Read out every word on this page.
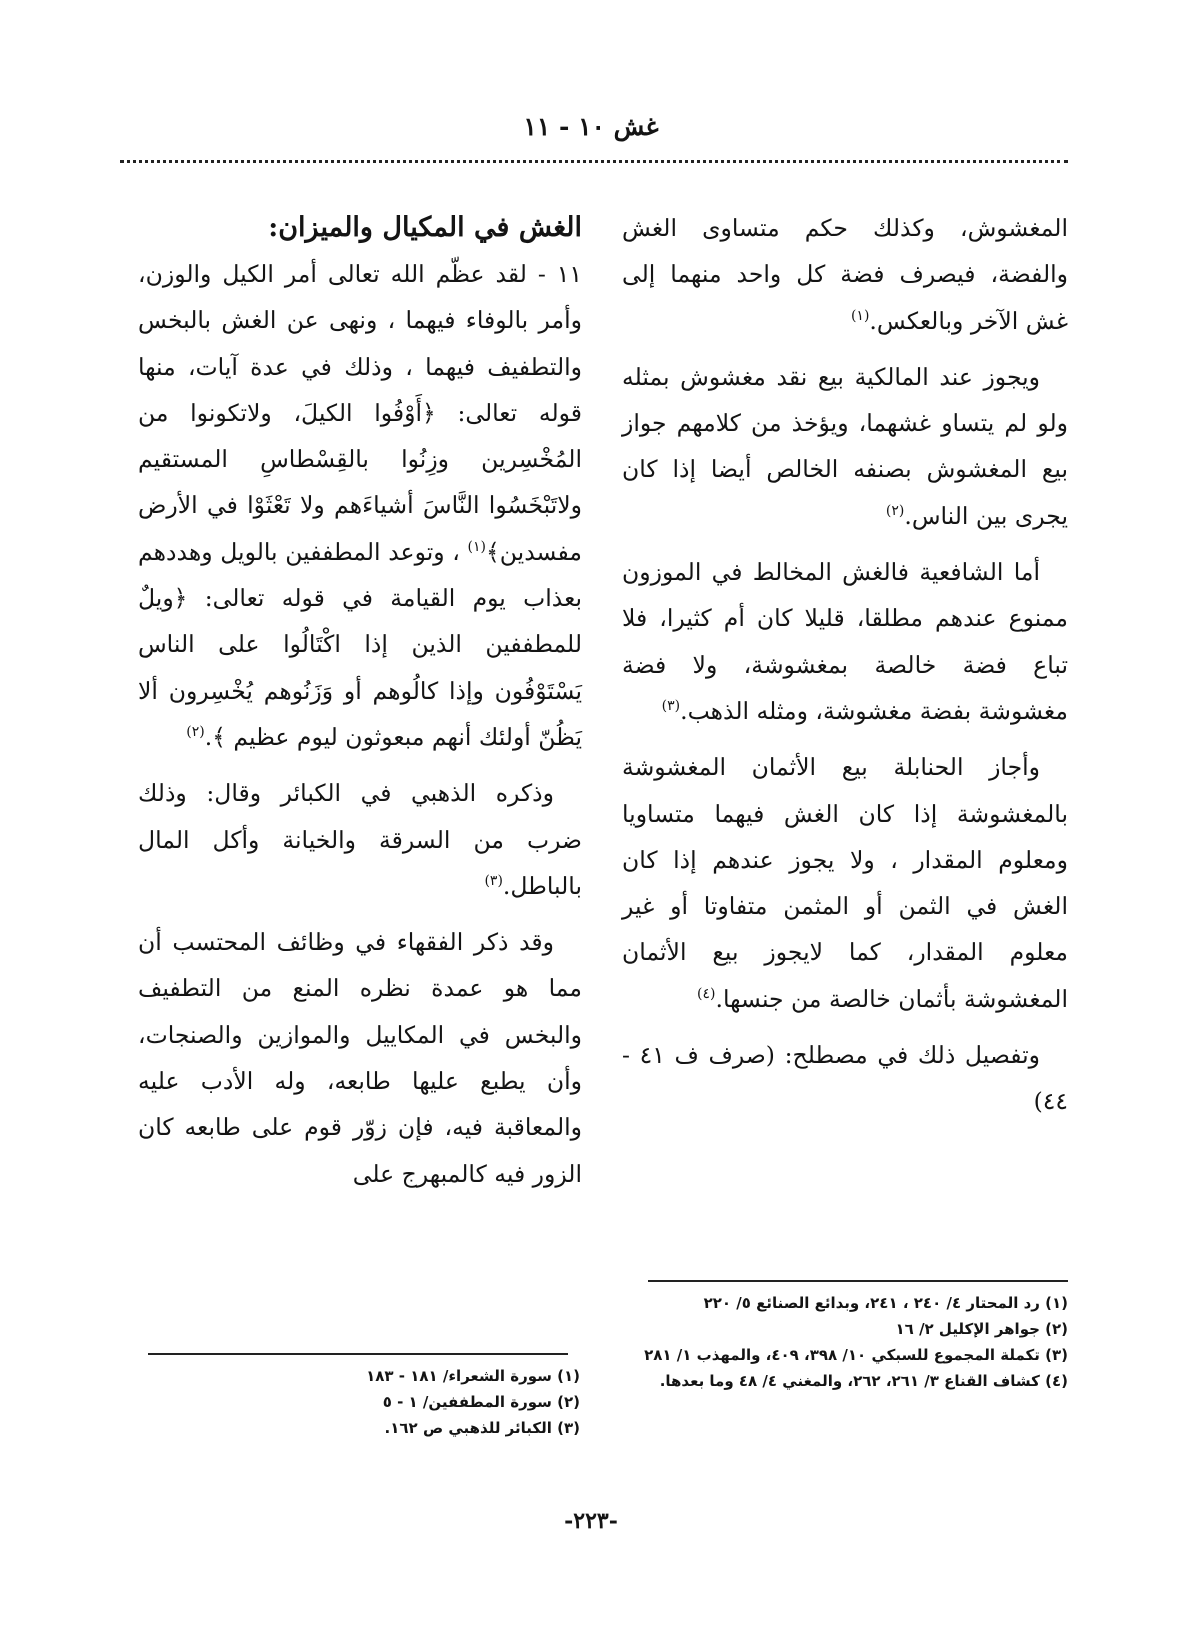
غش ١٠ - ١١

المغشوش، وكذلك حكم متساوى الغش والفضة، فيصرف فضة كل واحد منهما إلى غش الآخر وبالعكس.$^{(١)}$

ويجوز عند المالكية بيع نقد مغشوش بمثله ولو لم يتساو غشهما، ويؤخذ من كلامهم جواز بيع المغشوش بصنفه الخالص أيضا إذا كان يجرى بين الناس.$^{(٢)}$

أما الشافعية فالغش المخالط في الموزون ممنوع عندهم مطلقا، قليلا كان أم كثيرا، فلا تباع فضة خالصة بمغشوشة، ولا فضة مغشوشة بفضة مغشوشة، ومثله الذهب.$^{(٣)}$

وأجاز الحنابلة بيع الأثمان المغشوشة بالمغشوشة إذا كان الغش فيهما متساويا ومعلوم المقدار ، ولا يجوز عندهم إذا كان الغش في الثمن أو المثمن متفاوتا أو غير معلوم المقدار، كما لايجوز بيع الأثمان المغشوشة بأثمان خالصة من جنسها.$^{(٤)}$

وتفصيل ذلك في مصطلح: (صرف ف ٤١ - ٤٤)

(١) رد المحتار ٤/ ٢٤٠ ، ٢٤١، وبدائع الصنائع ٥/ ٢٢٠
(٢) جواهر الإكليل ٢/ ١٦
(٣) تكملة المجموع للسبكي ١٠/ ٣٩٨، ٤٠٩، والمهذب ١/ ٢٨١
(٤) كشاف القناع ٣/ ٢٦١، ٢٦٢، والمغني ٤/ ٤٨ وما بعدها.
الغش في المكيال والميزان:

١١ - لقد عظّم الله تعالى أمر الكيل والوزن، وأمر بالوفاء فيهما ، ونهى عن الغش بالبخس والتطفيف فيهما ، وذلك في عدة آيات، منها قوله تعالى: ﴿أَوْفُوا الكيلَ، ولاتكونوا من المُخْسِرين وزِنُوا بالقِسْطاسِ المستقيم ولاتَبْخَسُوا النَّاسَ أشياءَهم ولا تَعْثَوْا في الأرض مفسدين﴾$^{(١)}$ ، وتوعد المطففين بالويل وهددهم بعذاب يوم القيامة في قوله تعالى: ﴿ويلٌ للمطففين الذين إذا اكْتَالُوا على الناس يَسْتَوْفُون وإذا كالُوهم أو وَزَنُوهم يُخْسِرون ألا يَظُنّ أولئك أنهم مبعوثون ليوم عظيم ﴾.$^{(٢)}$

وذكره الذهبي في الكبائر وقال: وذلك ضرب من السرقة والخيانة وأكل المال بالباطل.$^{(٣)}$

وقد ذكر الفقهاء في وظائف المحتسب أن مما هو عمدة نظره المنع من التطفيف والبخس في المكاييل والموازين والصنجات، وأن يطبع عليها طابعه، وله الأدب عليه والمعاقبة فيه، فإن زوّر قوم على طابعه كان الزور فيه كالمبهرج على

(١) سورة الشعراء/ ١٨١ - ١٨٣
(٢) سورة المطففين/ ١ - ٥
(٣) الكبائر للذهبي ص ١٦٢.
-٢٢٣-
